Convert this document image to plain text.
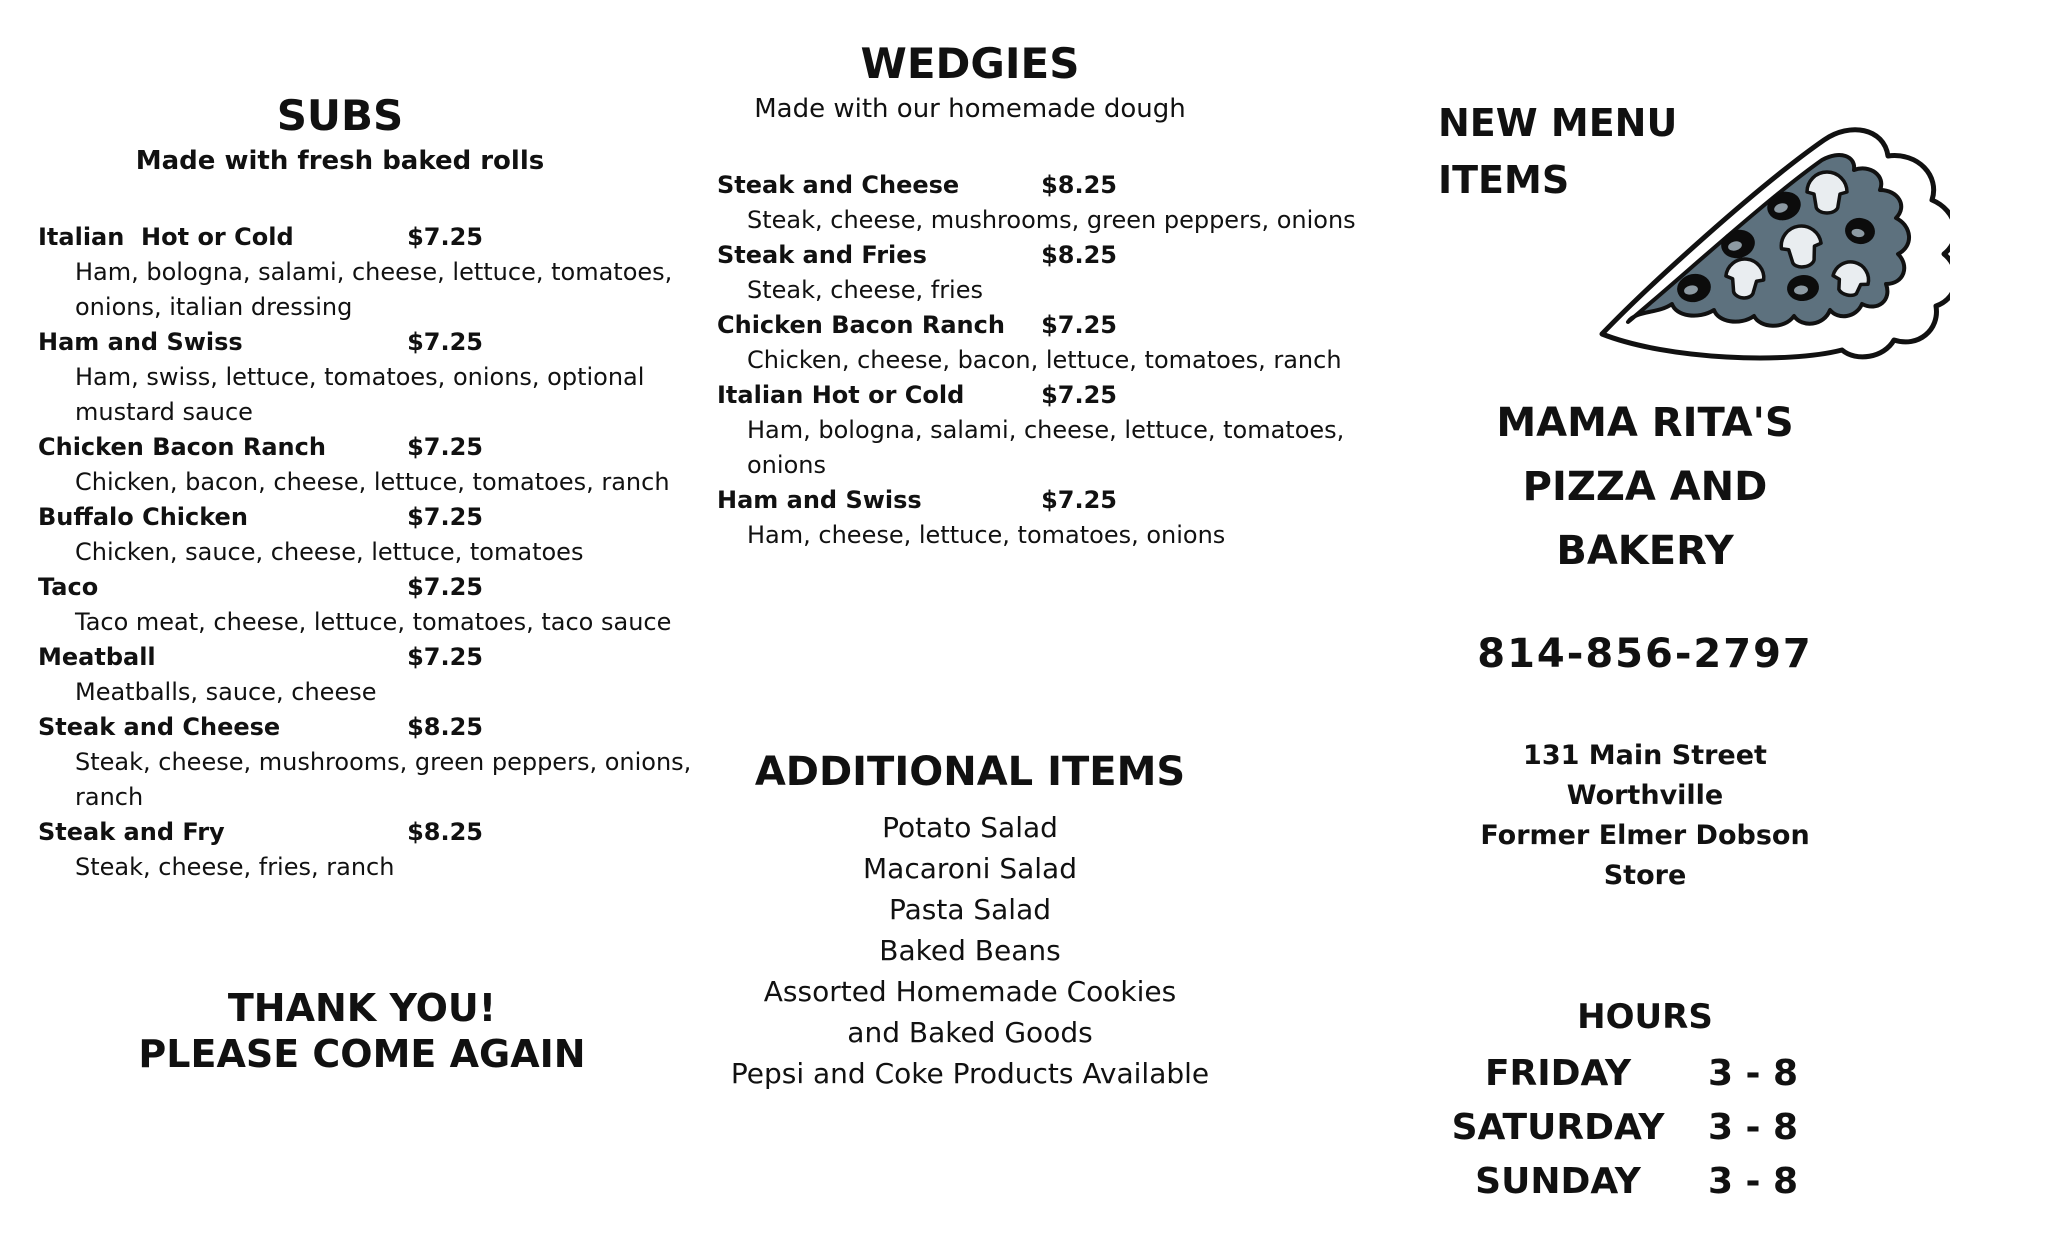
SUBS
Made with fresh baked rolls
Italian  Hot or Cold	$7.25
Ham, bologna, salami, cheese, lettuce, tomatoes,
onions, italian dressing
Ham and Swiss	$7.25
Ham, swiss, lettuce, tomatoes, onions, optional
mustard sauce
Chicken Bacon Ranch	$7.25
Chicken, bacon, cheese, lettuce, tomatoes, ranch
Buffalo Chicken	$7.25
Chicken, sauce, cheese, lettuce, tomatoes
Taco	$7.25
Taco meat, cheese, lettuce, tomatoes, taco sauce
Meatball	$7.25
Meatballs, sauce, cheese
Steak and Cheese	$8.25
Steak, cheese, mushrooms, green peppers, onions,
ranch
Steak and Fry	$8.25
Steak, cheese, fries, ranch
THANK YOU!
PLEASE COME AGAIN
WEDGIES
Made with our homemade dough
Steak and Cheese	$8.25
Steak, cheese, mushrooms, green peppers, onions
Steak and Fries	$8.25
Steak, cheese, fries
Chicken Bacon Ranch $7.25
Chicken, cheese, bacon, lettuce, tomatoes, ranch
Italian Hot or Cold	$7.25
Ham, bologna, salami, cheese, lettuce, tomatoes,
onions
Ham and Swiss	$7.25
Ham, cheese, lettuce, tomatoes, onions
ADDITIONAL ITEMS
Potato Salad
Macaroni Salad
Pasta Salad
Baked Beans
Assorted Homemade Cookies
and Baked Goods
Pepsi and Coke Products Available
NEW MENU
ITEMS
MAMA RITA'S
PIZZA AND BAKERY
814-856-2797
131 Main Street
Worthville
Former Elmer Dobson Store
HOURS
FRIDAY	3 - 8
SATURDAY	3 - 8
SUNDAY	3 - 8
